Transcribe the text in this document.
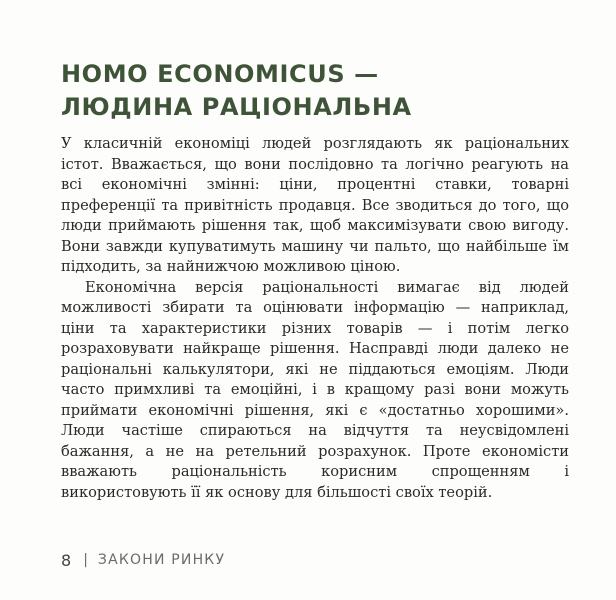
HOMO ECONOMICUS —
ЛЮДИНА РАЦІОНАЛЬНА

У класичній економіці людей розглядають як раціональних істот. Вважається, що вони послідовно та логічно реагують на всі економічні змінні: ціни, процентні ставки, товарні преференції та привітність продавця. Все зводиться до того, що люди приймають рішення так, щоб максимізувати свою вигоду. Вони завжди купуватимуть машину чи пальто, що найбільше їм підходить, за найнижчою можливою ціною.

Економічна версія раціональності вимагає від людей можливості збирати та оцінювати інформацію — наприклад, ціни та характеристики різних товарів — і потім легко розраховувати найкраще рішення. Насправді люди далеко не раціональні калькулятори, які не піддаються емоціям. Люди часто примхливі та емоційні, і в кращому разі вони можуть приймати економічні рішення, які є «достатньо хорошими». Люди частіше спираються на відчуття та неусвідомлені бажання, а не на ретельний розрахунок. Проте економісти вважають раціональність корисним спрощенням і використовують її як основу для більшості своїх теорій.

8 | ЗАКОНИ РИНКУ
